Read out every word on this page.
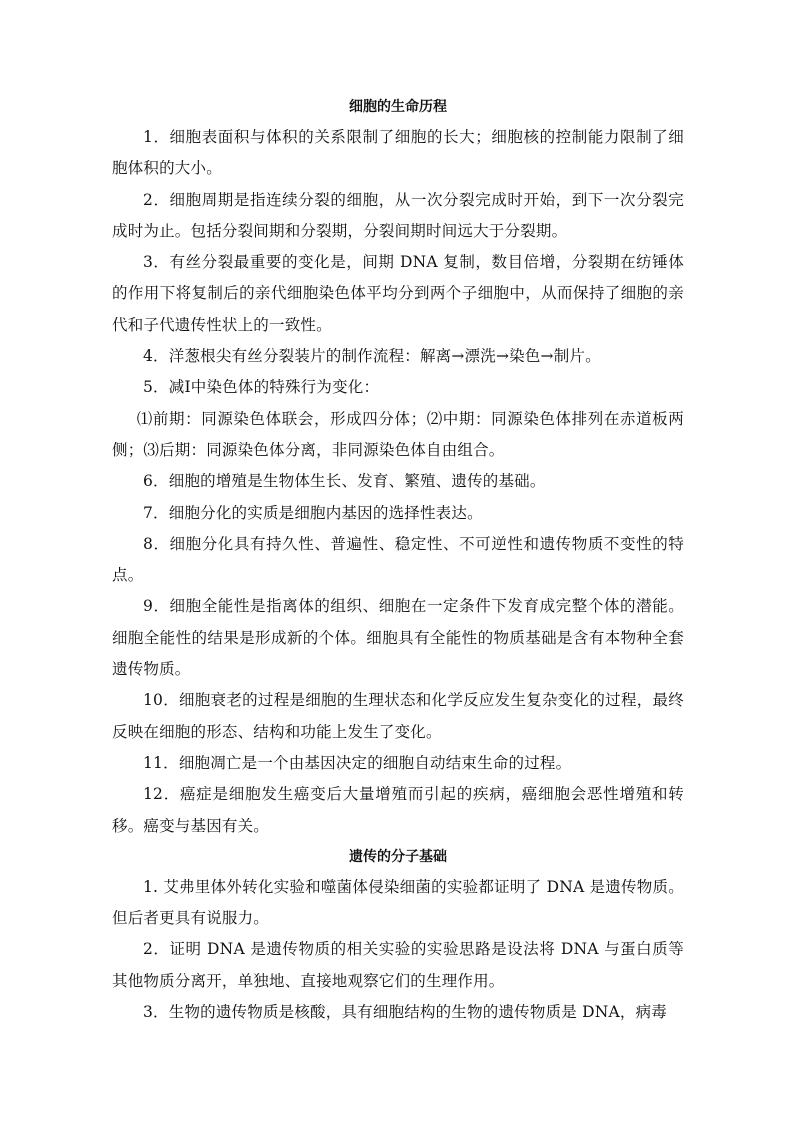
细胞的生命历程

1．细胞表面积与体积的关系限制了细胞的长大；细胞核的控制能力限制了细胞体积的大小。

2．细胞周期是指连续分裂的细胞，从一次分裂完成时开始，到下一次分裂完成时为止。包括分裂间期和分裂期，分裂间期时间远大于分裂期。

3．有丝分裂最重要的变化是，间期 DNA 复制，数目倍增，分裂期在纺锤体的作用下将复制后的亲代细胞染色体平均分到两个子细胞中，从而保持了细胞的亲代和子代遗传性状上的一致性。

4．洋葱根尖有丝分裂装片的制作流程：解离→漂洗→染色→制片。

5．减Ⅰ中染色体的特殊行为变化：

⑴前期：同源染色体联会，形成四分体；⑵中期：同源染色体排列在赤道板两侧；⑶后期：同源染色体分离，非同源染色体自由组合。

6．细胞的增殖是生物体生长、发育、繁殖、遗传的基础。

7．细胞分化的实质是细胞内基因的选择性表达。

8．细胞分化具有持久性、普遍性、稳定性、不可逆性和遗传物质不变性的特点。

9．细胞全能性是指离体的组织、细胞在一定条件下发育成完整个体的潜能。细胞全能性的结果是形成新的个体。细胞具有全能性的物质基础是含有本物种全套遗传物质。

10．细胞衰老的过程是细胞的生理状态和化学反应发生复杂变化的过程，最终反映在细胞的形态、结构和功能上发生了变化。

11．细胞凋亡是一个由基因决定的细胞自动结束生命的过程。

12．癌症是细胞发生癌变后大量增殖而引起的疾病，癌细胞会恶性增殖和转移。癌变与基因有关。

遗传的分子基础

1. 艾弗里体外转化实验和噬菌体侵染细菌的实验都证明了 DNA 是遗传物质。但后者更具有说服力。

2．证明 DNA 是遗传物质的相关实验的实验思路是设法将 DNA 与蛋白质等其他物质分离开，单独地、直接地观察它们的生理作用。

3．生物的遗传物质是核酸，具有细胞结构的生物的遗传物质是 DNA，病毒
